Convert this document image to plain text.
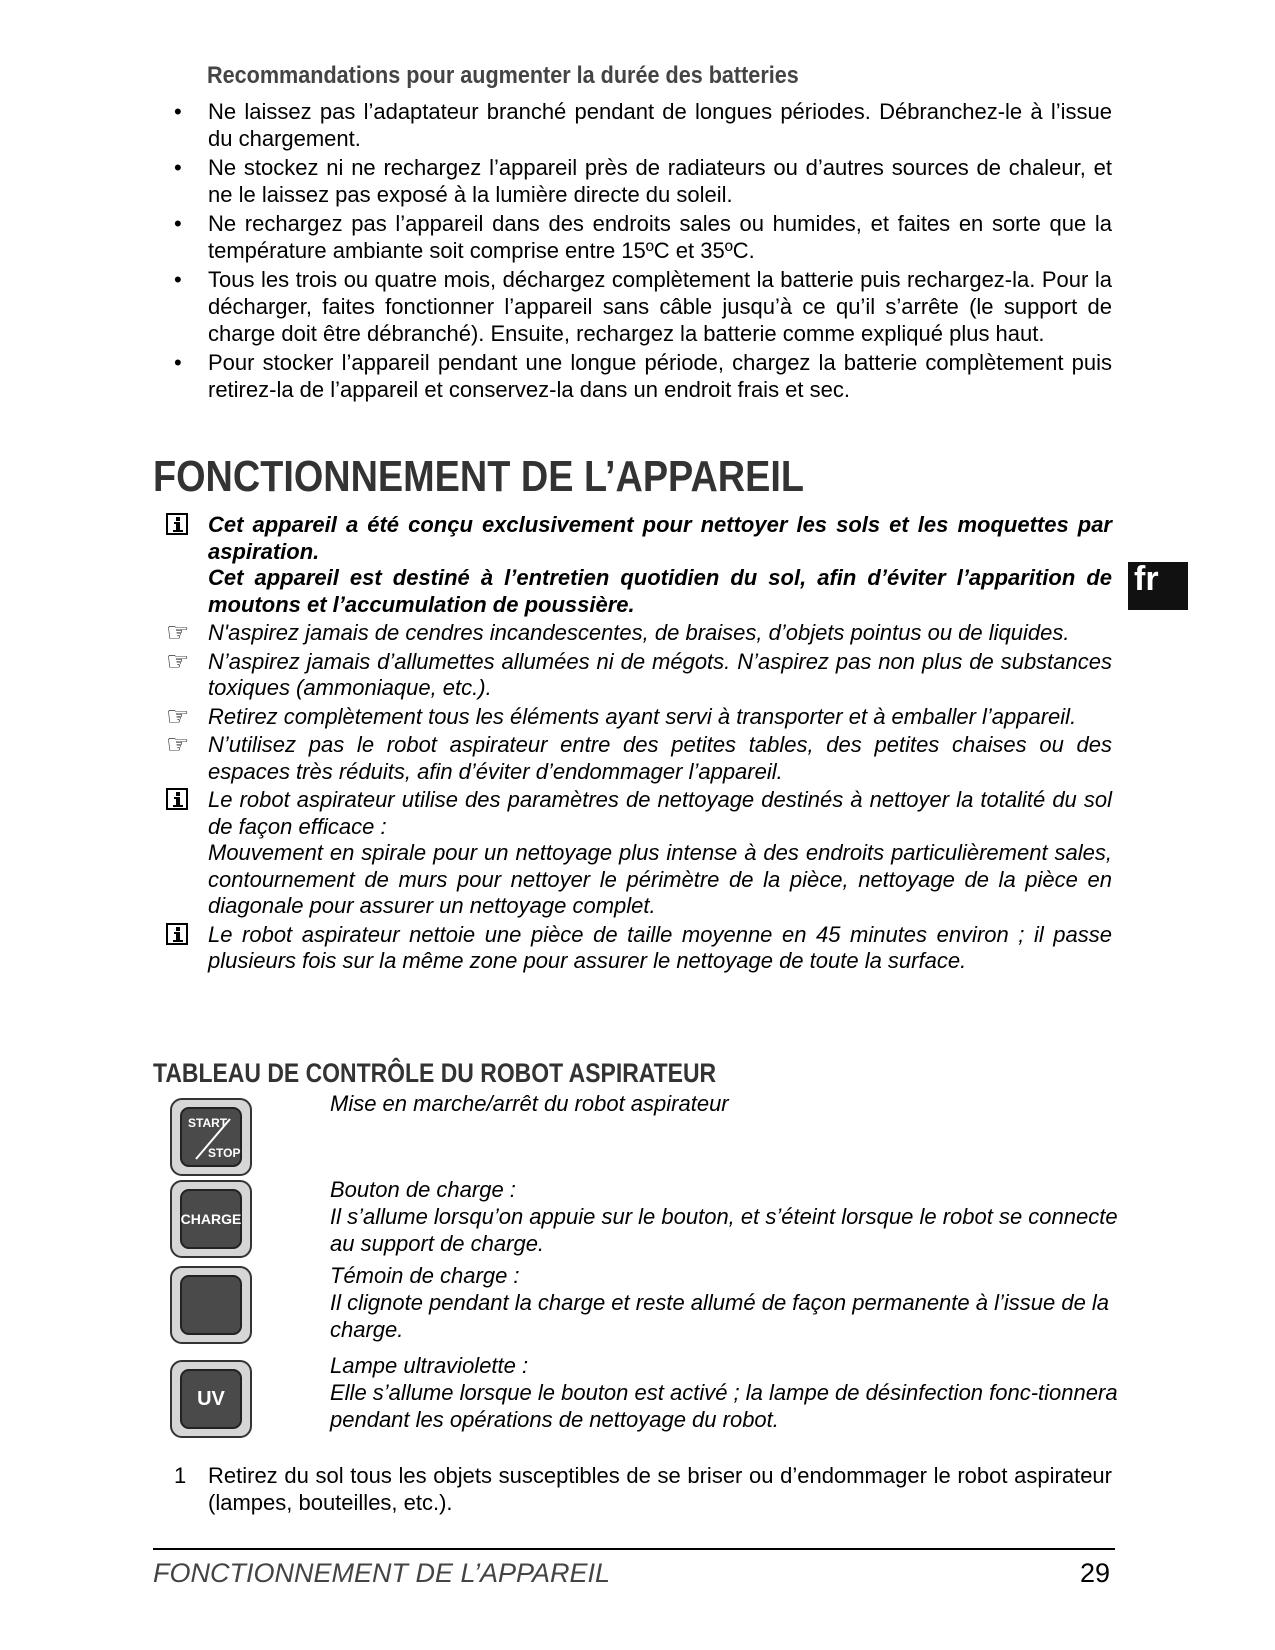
Recommandations pour augmenter la durée des batteries
• Ne laissez pas l’adaptateur branché pendant de longues périodes. Débranchez-le à l’issue du chargement.
• Ne stockez ni ne rechargez l’appareil près de radiateurs ou d’autres sources de chaleur, et ne le laissez pas exposé à la lumière directe du soleil.
• Ne rechargez pas l’appareil dans des endroits sales ou humides, et faites en sorte que la température ambiante soit comprise entre 15ºC et 35ºC.
• Tous les trois ou quatre mois, déchargez complètement la batterie puis rechargez-la. Pour la décharger, faites fonctionner l’appareil sans câble jusqu’à ce qu’il s’arrête (le support de charge doit être débranché). Ensuite, rechargez la batterie comme expliqué plus haut.
• Pour stocker l’appareil pendant une longue période, chargez la batterie complètement puis retirez-la de l’appareil et conservez-la dans un endroit frais et sec.
FONCTIONNEMENT DE L’APPAREIL
fr

Cet appareil a été conçu exclusivement pour nettoyer les sols et les moquettes par aspiration.

Cet appareil est destiné à l’entretien quotidien du sol, afin d’éviter l’apparition de moutons et l’accumulation de poussière.

☞ N'aspirez jamais de cendres incandescentes, de braises, d’objets pointus ou de liquides.

☞ N’aspirez jamais d’allumettes allumées ni de mégots. N’aspirez pas non plus de substances toxiques (ammoniaque, etc.).

☞ Retirez complètement tous les éléments ayant servi à transporter et à emballer l’appareil.

☞ N’utilisez pas le robot aspirateur entre des petites tables, des petites chaises ou des espaces très réduits, afin d’éviter d’endommager l’appareil.

Le robot aspirateur utilise des paramètres de nettoyage destinés à nettoyer la totalité du sol de façon efficace :

Mouvement en spirale pour un nettoyage plus intense à des endroits particulièrement sales, contournement de murs pour nettoyer le périmètre de la pièce, nettoyage de la pièce en diagonale pour assurer un nettoyage complet.

Le robot aspirateur nettoie une pièce de taille moyenne en 45 minutes environ ; il passe plusieurs fois sur la même zone pour assurer le nettoyage de toute la surface.

TABLEAU DE CONTRÔLE DU ROBOT ASPIRATEUR
START
STOP

Mise en marche/arrêt du robot aspirateur

CHARGE

Bouton de charge :

Il s’allume lorsqu’on appuie sur le bouton, et s’éteint lorsque le robot se connecte au support de charge.

Témoin de charge :

Il clignote pendant la charge et reste allumé de façon permanente à l’issue de la charge.

UV

Lampe ultraviolette :

Elle s’allume lorsque le bouton est activé ; la lampe de désinfection fonc-tionnera pendant les opérations de nettoyage du robot.

1 Retirez du sol tous les objets susceptibles de se briser ou d’endommager le robot aspirateur (lampes, bouteilles, etc.).
FONCTIONNEMENT DE L’APPAREIL	29
